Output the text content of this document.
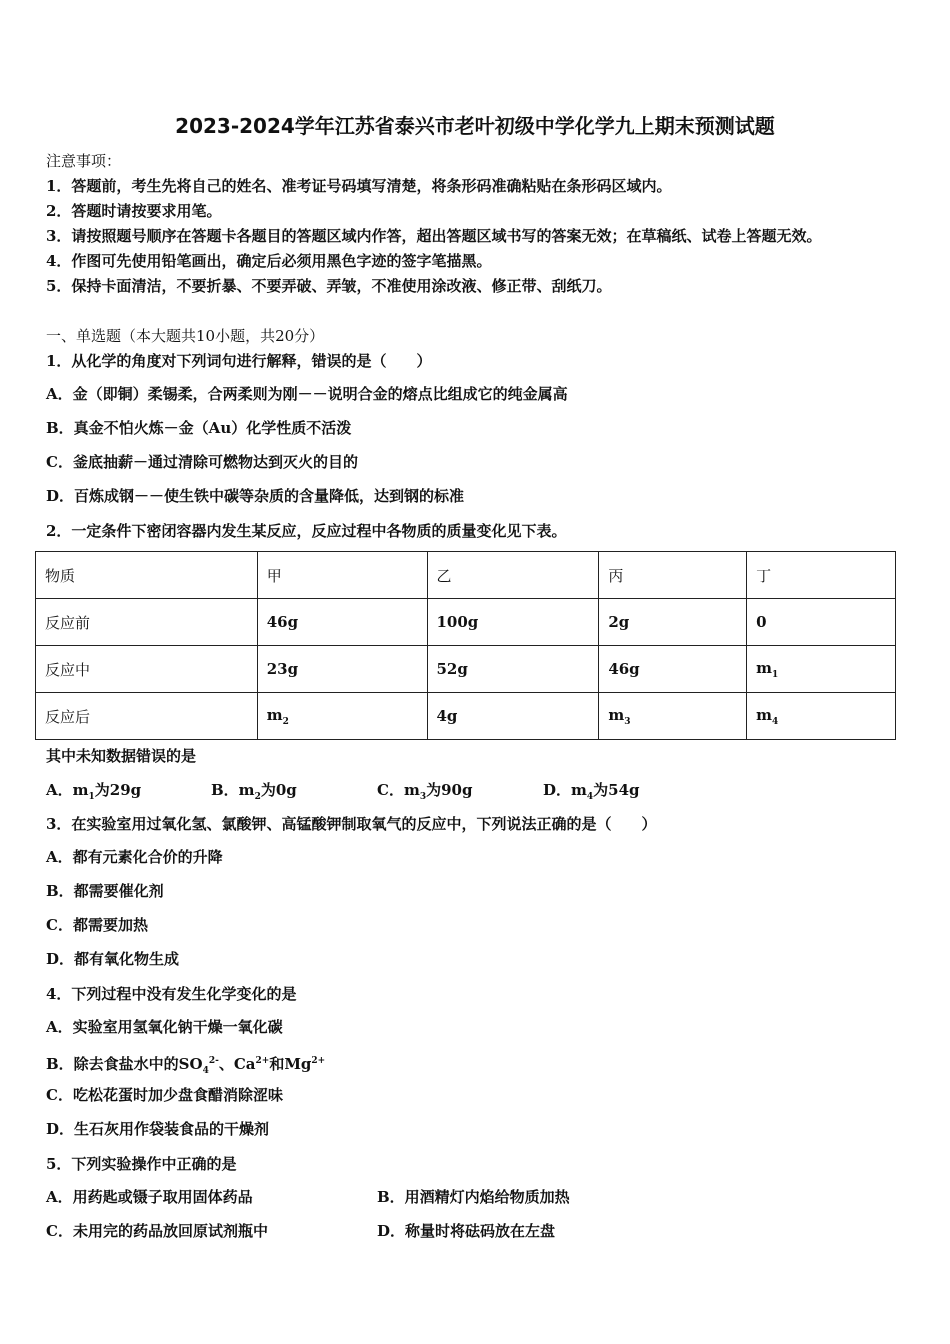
2023-2024学年江苏省泰兴市老叶初级中学化学九上期末预测试题
注意事项：
1．答题前，考生先将自己的姓名、准考证号码填写清楚，将条形码准确粘贴在条形码区域内。
2．答题时请按要求用笔。
3．请按照题号顺序在答题卡各题目的答题区域内作答，超出答题区域书写的答案无效；在草稿纸、试卷上答题无效。
4．作图可先使用铅笔画出，确定后必须用黑色字迹的签字笔描黑。
5．保持卡面清洁，不要折暴、不要弄破、弄皱，不准使用涂改液、修正带、刮纸刀。
一、单选题（本大题共10小题，共20分）
1．从化学的角度对下列词句进行解释，错误的是（　　）
A．金（即铜）柔锡柔，合两柔则为刚－－说明合金的熔点比组成它的纯金属高
B．真金不怕火炼－金（Au）化学性质不活泼
C．釜底抽薪－通过清除可燃物达到灭火的目的
D．百炼成钢－－使生铁中碳等杂质的含量降低，达到钢的标准
2．一定条件下密闭容器内发生某反应，反应过程中各物质的质量变化见下表。
物质	甲	乙	丙	丁
反应前	46g	100g	2g	0
反应中	23g	52g	46g	$m_1$
反应后	$m_2$	4g	$m_3$	$m_4$
其中未知数据错误的是
A．$m_1$为29g	B．$m_2$为0g	C．$m_3$为90g	D．$m_4$为54g
3．在实验室用过氧化氢、氯酸钾、高锰酸钾制取氧气的反应中，下列说法正确的是（　　）
A．都有元素化合价的升降
B．都需要催化剂
C．都需要加热
D．都有氧化物生成
4．下列过程中没有发生化学变化的是
A．实验室用氢氧化钠干燥一氧化碳
B．除去食盐水中的$SO_4^{2-}$、$Ca^{2+}$和$Mg^{2+}$
C．吃松花蛋时加少盘食醋消除涩味
D．生石灰用作袋装食品的干燥剂
5．下列实验操作中正确的是
A．用药匙或镊子取用固体药品	B．用酒精灯内焰给物质加热
C．未用完的药品放回原试剂瓶中	D．称量时将砝码放在左盘
